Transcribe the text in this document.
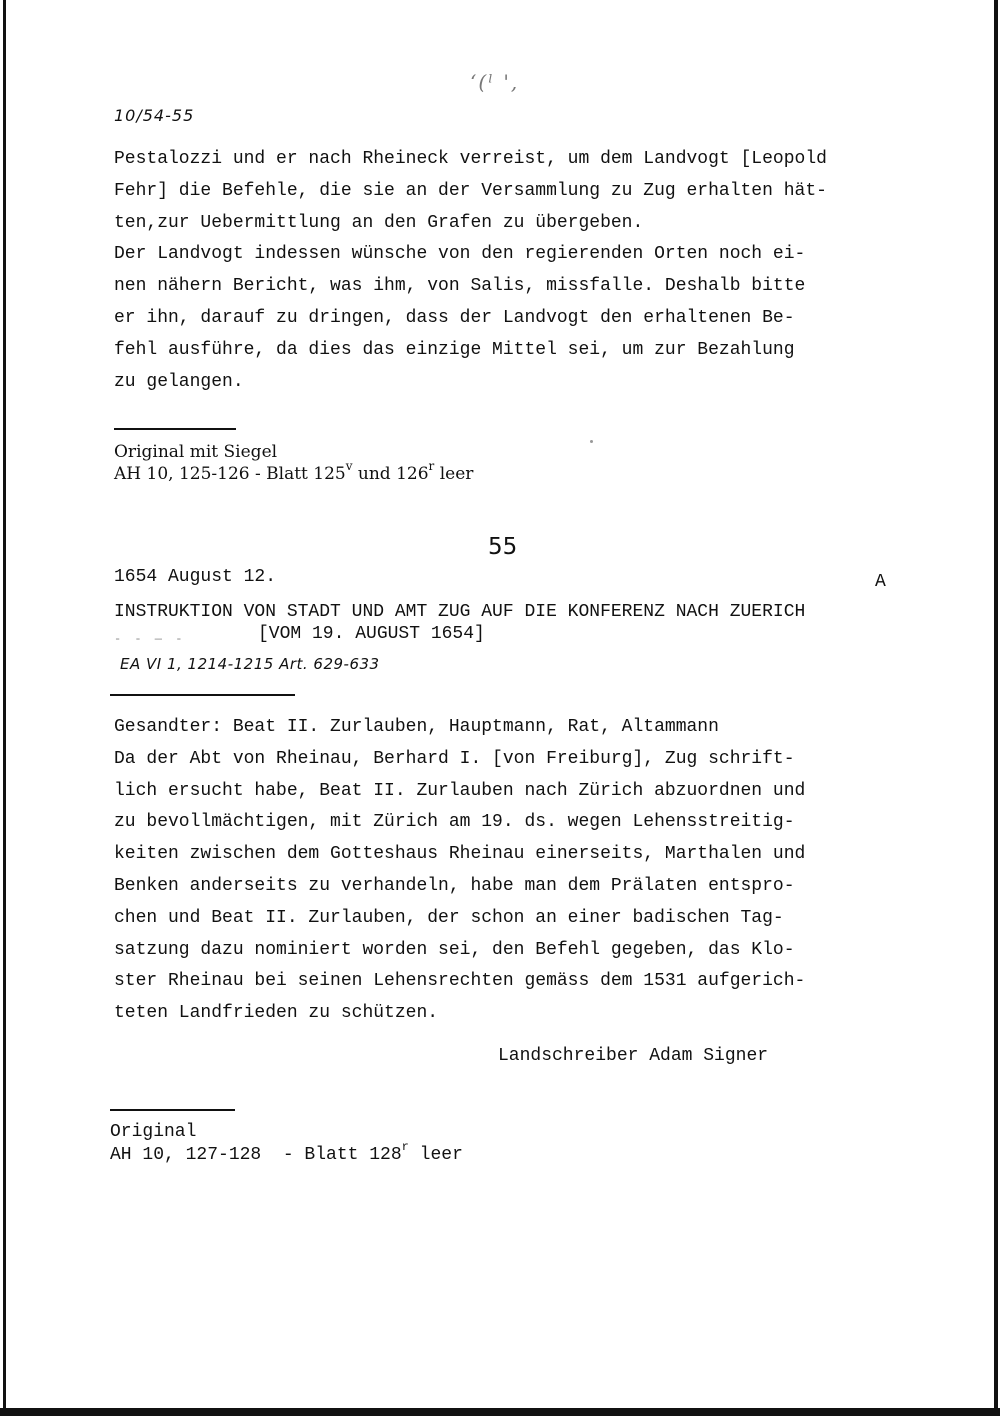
‘(ˡ ',
10/54-55
Pestalozzi und er nach Rheineck verreist, um dem Landvogt [Leopold
Fehr] die Befehle, die sie an der Versammlung zu Zug erhalten hät-
ten,zur Uebermittlung an den Grafen zu übergeben.
Der Landvogt indessen wünsche von den regierenden Orten noch ei-
nen nähern Bericht, was ihm, von Salis, missfalle. Deshalb bitte
er ihn, darauf zu dringen, dass der Landvogt den erhaltenen Be-
fehl ausführe, da dies das einzige Mittel sei, um zur Bezahlung
zu gelangen.
Original mit Siegel
AH 10, 125-126 - Blatt 125$^v$ und 126$^r$ leer
55
1654 August 12.	A
INSTRUKTION VON STADT UND AMT ZUG AUF DIE KONFERENZ NACH ZUERICH
[VOM 19. AUGUST 1654]
- - — -
EA VI 1, 1214-1215 Art. 629-633
Gesandter: Beat II. Zurlauben, Hauptmann, Rat, Altammann
Da der Abt von Rheinau, Berhard I. [von Freiburg], Zug schrift-
lich ersucht habe, Beat II. Zurlauben nach Zürich abzuordnen und
zu bevollmächtigen, mit Zürich am 19. ds. wegen Lehensstreitig-
keiten zwischen dem Gotteshaus Rheinau einerseits, Marthalen und
Benken anderseits zu verhandeln, habe man dem Prälaten entspro-
chen und Beat II. Zurlauben, der schon an einer badischen Tag-
satzung dazu nominiert worden sei, den Befehl gegeben, das Klo-
ster Rheinau bei seinen Lehensrechten gemäss dem 1531 aufgerich-
teten Landfrieden zu schützen.
Landschreiber Adam Signer
Original
AH 10, 127-128  - Blatt 128$^r$ leer
